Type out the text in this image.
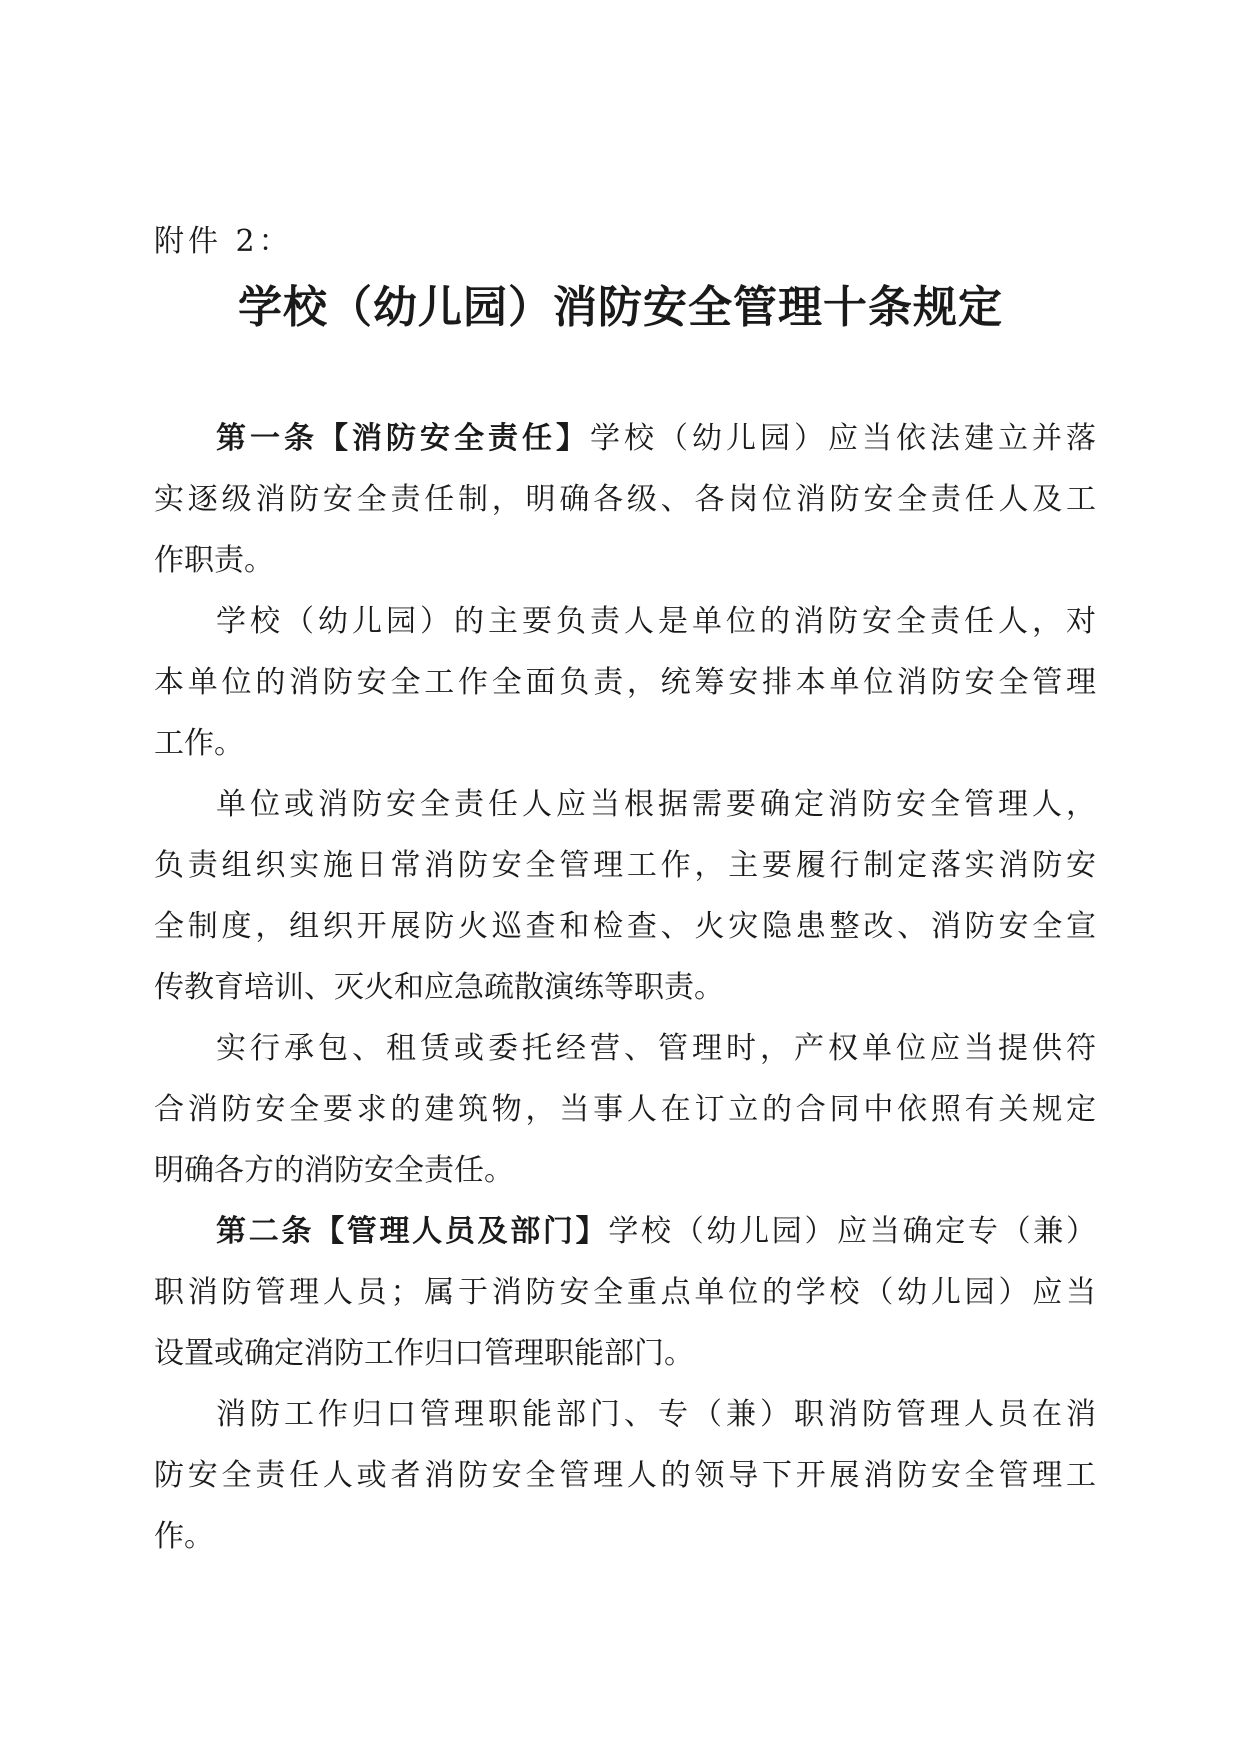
附件 2：
学校（幼儿园）消防安全管理十条规定
第一条【消防安全责任】学校（幼儿园）应当依法建立并落
实逐级消防安全责任制，明确各级、各岗位消防安全责任人及工
作职责。
学校（幼儿园）的主要负责人是单位的消防安全责任人，对
本单位的消防安全工作全面负责，统筹安排本单位消防安全管理
工作。
单位或消防安全责任人应当根据需要确定消防安全管理人，
负责组织实施日常消防安全管理工作，主要履行制定落实消防安
全制度，组织开展防火巡查和检查、火灾隐患整改、消防安全宣
传教育培训、灭火和应急疏散演练等职责。
实行承包、租赁或委托经营、管理时，产权单位应当提供符
合消防安全要求的建筑物，当事人在订立的合同中依照有关规定
明确各方的消防安全责任。
第二条【管理人员及部门】学校（幼儿园）应当确定专（兼）
职消防管理人员；属于消防安全重点单位的学校（幼儿园）应当
设置或确定消防工作归口管理职能部门。
消防工作归口管理职能部门、专（兼）职消防管理人员在消
防安全责任人或者消防安全管理人的领导下开展消防安全管理工
作。
